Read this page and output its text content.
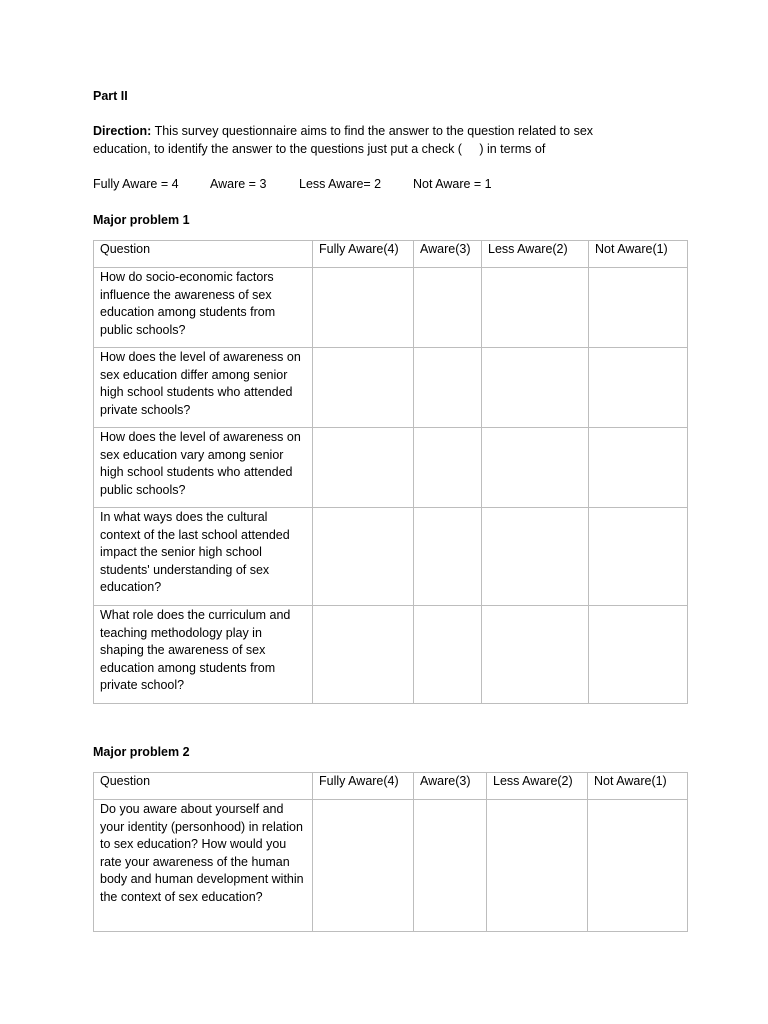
Part II
Direction: This survey questionnaire aims to find the answer to the question related to sex education, to identify the answer to the questions just put a check (     ) in terms of
Fully Aware = 4	Aware = 3	Less Aware= 2	Not Aware = 1
Major problem 1
Question	Fully Aware(4)	Aware(3)	Less Aware(2)	Not Aware(1)
How do socio-economic factors influence the awareness of sex education among students from public schools?				
How does the level of awareness on sex education differ among senior high school students who attended private schools?				
How does the level of awareness on sex education vary among senior high school students who attended public schools?				
In what ways does the cultural context of the last school attended impact the senior high school students' understanding of sex education?				
What role does the curriculum and teaching methodology play in shaping the awareness of sex education among students from private school?				
Major problem 2
Question	Fully Aware(4)	Aware(3)	Less Aware(2)	Not Aware(1)
Do you aware about yourself and your identity (personhood) in relation to sex education? How would you rate your awareness of the human body and human development within the context of sex education?				
